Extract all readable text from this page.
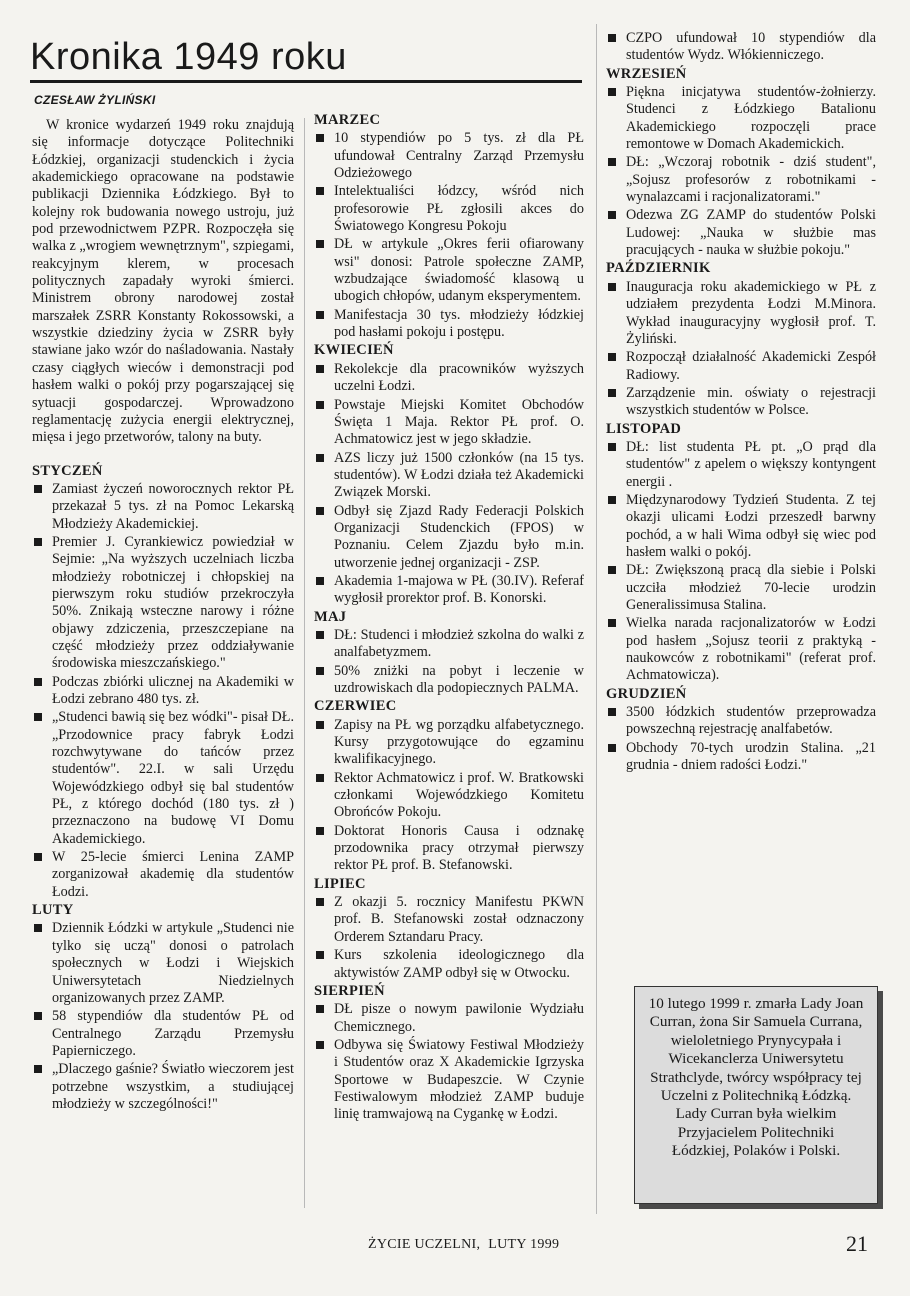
Kronika 1949 roku
CZESŁAW ŻYLIŃSKI

W kronice wydarzeń 1949 roku znajdują się informacje dotyczące Politechniki Łódzkiej, organizacji studenckich i życia akademickiego opracowane na podstawie publikacji Dziennika Łódzkiego. Był to kolejny rok budowania nowego ustroju, już pod przewodnictwem PZPR. Rozpoczęła się walka z „wrogiem wewnętrznym", szpiegami, reakcyjnym klerem, w procesach politycznych zapadały wyroki śmierci. Ministrem obrony narodowej został marszałek ZSRR Konstanty Rokossowski, a wszystkie dziedziny życia w ZSRR były stawiane jako wzór do naśladowania. Nastały czasy ciągłych wieców i demonstracji pod hasłem walki o pokój przy pogarszającej się sytuacji gospodarczej. Wprowadzono reglamentację zużycia energii elektrycznej, mięsa i jego przetworów, talony na buty.

STYCZEŃ
Zamiast życzeń noworocznych rektor PŁ przekazał 5 tys. zł na Pomoc Lekarską Młodzieży Akademickiej.
Premier J. Cyrankiewicz powiedział w Sejmie: „Na wyższych uczelniach liczba młodzieży robotniczej i chłopskiej na pierwszym roku studiów przekroczyła 50%. Znikają wsteczne narowy i różne objawy zdziczenia, przeszczepiane na część młodzieży przez oddziaływanie środowiska mieszczańskiego."
Podczas zbiórki ulicznej na Akademiki w Łodzi zebrano 480 tys. zł.
„Studenci bawią się bez wódki"- pisał DŁ. „Przodownice pracy fabryk Łodzi rozchwytywane do tańców przez studentów". 22.I. w sali Urzędu Wojewódzkiego odbył się bal studentów PŁ, z którego dochód (180 tys. zł ) przeznaczono na budowę VI Domu Akademickiego.
W 25-lecie śmierci Lenina ZAMP zorganizował akademię dla studentów Łodzi.
LUTY
Dziennik Łódzki w artykule „Studenci nie tylko się uczą" donosi o patrolach społecznych w Łodzi i Wiejskich Uniwersytetach Niedzielnych organizowanych przez ZAMP.
58 stypendiów dla studentów PŁ od Centralnego Zarządu Przemysłu Papierniczego.
„Dlaczego gaśnie? Światło wieczorem jest potrzebne wszystkim, a studiującej młodzieży w szczególności!"
MARZEC
10 stypendiów po 5 tys. zł dla PŁ ufundował Centralny Zarząd Przemysłu Odzieżowego
Intelektualiści łódzcy, wśród nich profesorowie PŁ zgłosili akces do Światowego Kongresu Pokoju
DŁ w artykule „Okres ferii ofiarowany wsi" donosi: Patrole społeczne ZAMP, wzbudzające świadomość klasową u ubogich chłopów, udanym eksperymentem.
Manifestacja 30 tys. młodzieży łódzkiej pod hasłami pokoju i postępu.
KWIECIEŃ
Rekolekcje dla pracowników wyższych uczelni Łodzi.
Powstaje Miejski Komitet Obchodów Święta 1 Maja. Rektor PŁ prof. O. Achmatowicz jest w jego składzie.
AZS liczy już 1500 członków (na 15 tys. studentów). W Łodzi działa też Akademicki Związek Morski.
Odbył się Zjazd Rady Federacji Polskich Organizacji Studenckich (FPOS) w Poznaniu. Celem Zjazdu było m.in. utworzenie jednej organizacji - ZSP.
Akademia 1-majowa w PŁ (30.IV). Referaf wygłosił prorektor prof. B. Konorski.
MAJ
DŁ: Studenci i młodzież szkolna do walki z analfabetyzmem.
50% zniżki na pobyt i leczenie w uzdrowiskach dla podopiecznych PALMA.
CZERWIEC
Zapisy na PŁ wg porządku alfabetycznego. Kursy przygotowujące do egzaminu kwalifikacyjnego.
Rektor Achmatowicz i prof. W. Bratkowski członkami Wojewódzkiego Komitetu Obrońców Pokoju.
Doktorat Honoris Causa i odznakę przodownika pracy otrzymał pierwszy rektor PŁ prof. B. Stefanowski.
LIPIEC
Z okazji 5. rocznicy Manifestu PKWN prof. B. Stefanowski został odznaczony Orderem Sztandaru Pracy.
Kurs szkolenia ideologicznego dla aktywistów ZAMP odbył się w Otwocku.
SIERPIEŃ
DŁ pisze o nowym pawilonie Wydziału Chemicznego.
Odbywa się Światowy Festiwal Młodzieży i Studentów oraz X Akademickie Igrzyska Sportowe w Budapeszcie. W Czynie Festiwalowym młodzież ZAMP buduje linię tramwajową na Cygankę w Łodzi.
CZPO ufundował 10 stypendiów dla studentów Wydz. Włókienniczego.
WRZESIEŃ
Piękna inicjatywa studentów-żołnierzy. Studenci z Łódzkiego Batalionu Akademickiego rozpoczęli prace remontowe w Domach Akademickich.
DŁ: „Wczoraj robotnik - dziś student", „Sojusz profesorów z robotnikami -wynalazcami i racjonalizatorami."
Odezwa ZG ZAMP do studentów Polski Ludowej: „Nauka w służbie mas pracujących - nauka w służbie pokoju."
PAŹDZIERNIK
Inauguracja roku akademickiego w PŁ z udziałem prezydenta Łodzi M.Minora. Wykład inauguracyjny wygłosił prof. T. Żyliński.
Rozpoczął działalność Akademicki Zespół Radiowy.
Zarządzenie min. oświaty o rejestracji wszystkich studentów w Polsce.
LISTOPAD
DŁ: list studenta PŁ pt. „O prąd dla studentów" z apelem o większy kontyngent energii .
Międzynarodowy Tydzień Studenta. Z tej okazji ulicami Łodzi przeszedł barwny pochód, a w hali Wima odbył się wiec pod hasłem walki o pokój.
DŁ: Zwiększoną pracą dla siebie i Polski uczciła młodzież 70-lecie urodzin Generalissimusa Stalina.
Wielka narada racjonalizatorów w Łodzi pod hasłem „Sojusz teorii z praktyką - naukowców z robotnikami" (referat prof. Achmatowicza).
GRUDZIEŃ
3500 łódzkich studentów przeprowadza powszechną rejestrację analfabetów.
Obchody 70-tych urodzin Stalina. „21 grudnia - dniem radości Łodzi."
10 lutego 1999 r. zmarła Lady Joan Curran, żona Sir Samuela Currana, wieloletniego Prynycypała i Wicekanclerza Uniwersytetu Strathclyde, twórcy współpracy tej Uczelni z Politechniką Łódzką. Lady Curran była wielkim Przyjacielem Politechniki Łódzkiej, Polaków i Polski.
ŻYCIE UCZELNI, LUTY 1999	21
